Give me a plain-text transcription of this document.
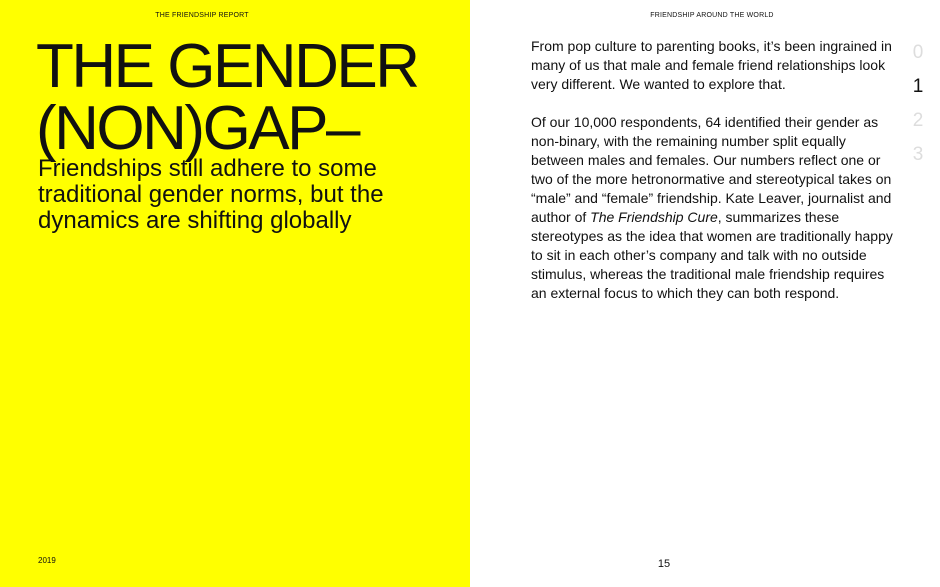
THE FRIENDSHIP REPORT
THE GENDER
(NON)GAP–
Friendships still adhere to some traditional gender norms, but the dynamics are shifting globally
2019
FRIENDSHIP AROUND THE WORLD

From pop culture to parenting books, it’s been ingrained in many of us that male and female friend relationships look very different. We wanted to explore that.

Of our 10,000 respondents, 64 identified their gender as non-binary, with the remaining number split equally between males and females. Our numbers reflect one or two of the more hetronormative and stereotypical takes on “male” and “female” friendship. Kate Leaver, journalist and author of The Friendship Cure, summarizes these stereotypes as the idea that women are traditionally happy to sit in each other’s company and talk with no outside stimulus, whereas the traditional male friendship requires an external focus to which they can both respond.

0
1
2
3
15
